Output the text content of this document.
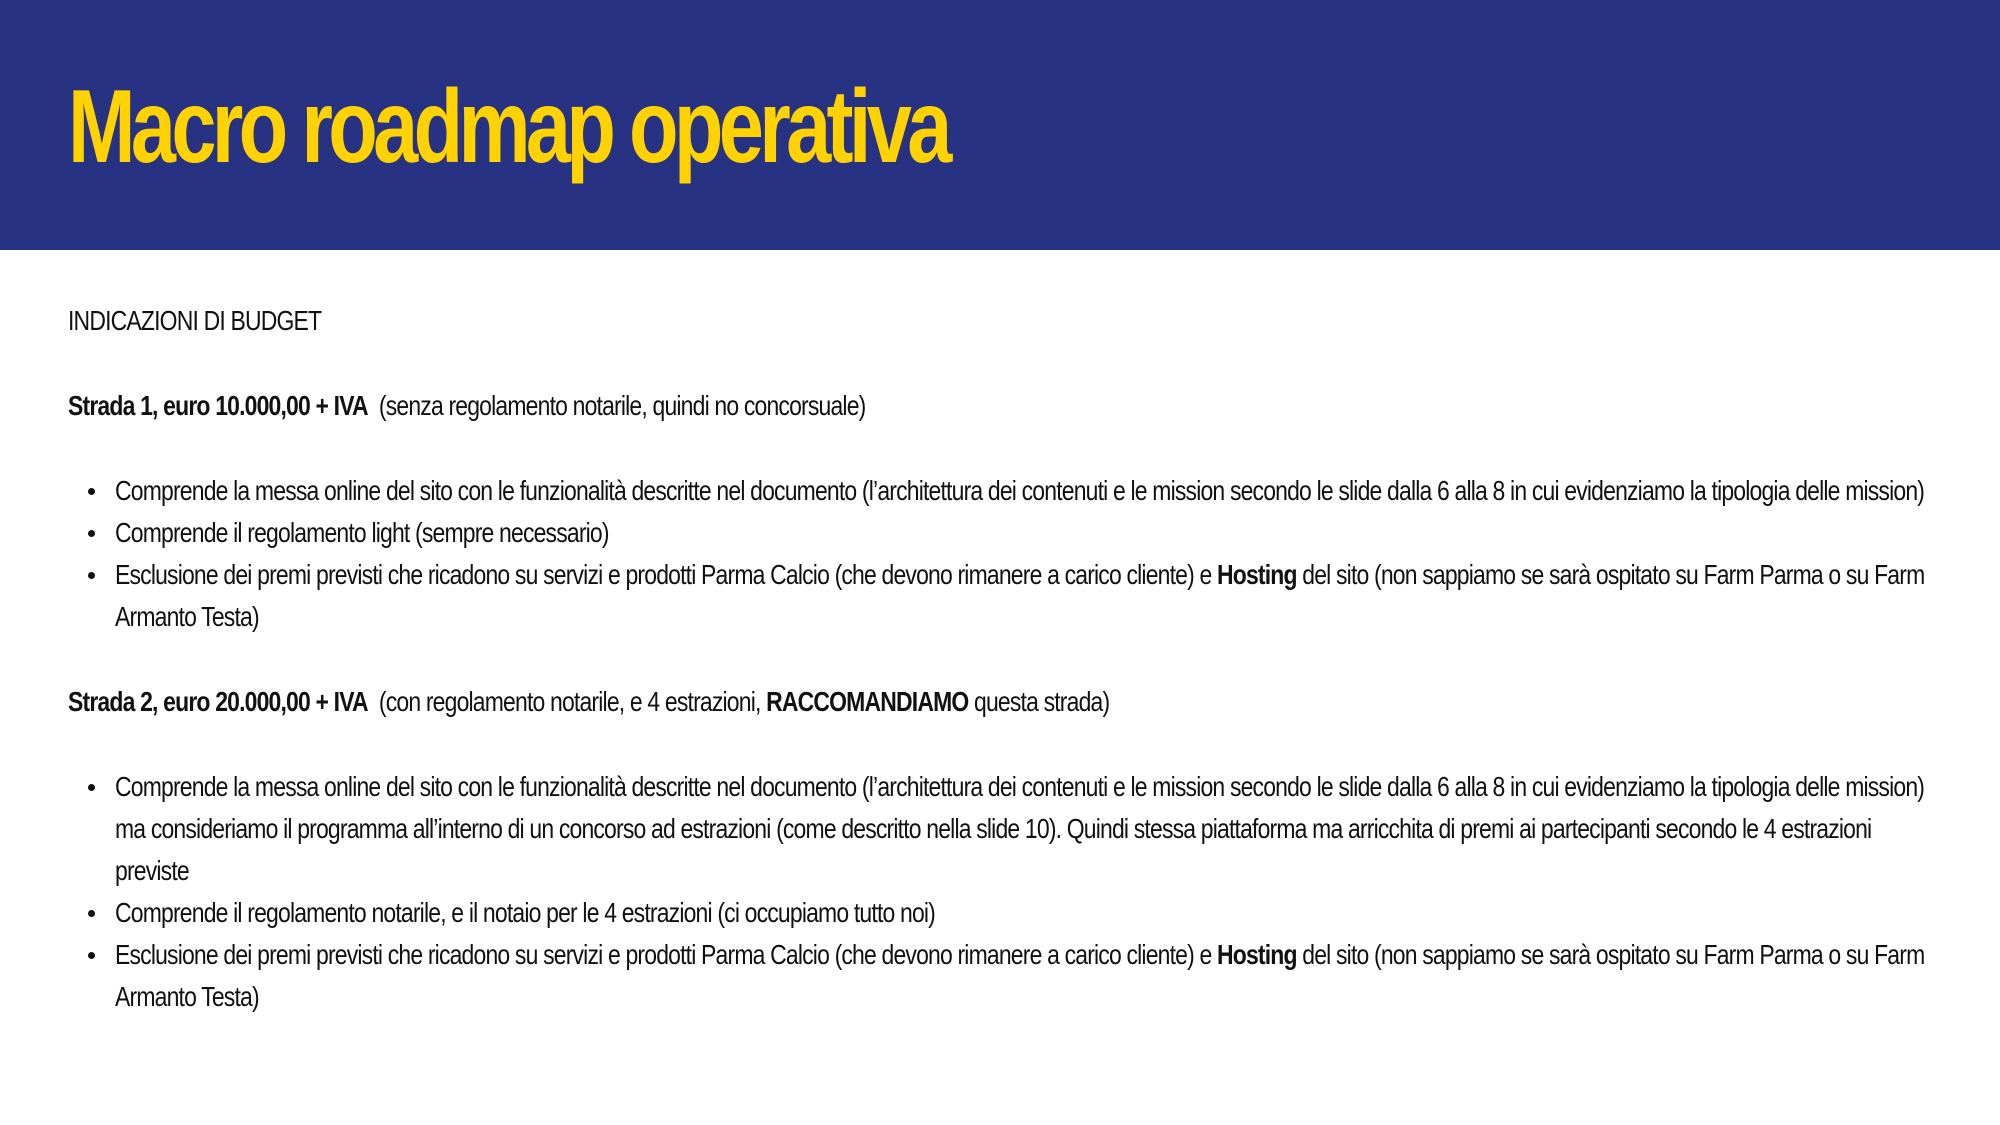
Macro roadmap operativa
INDICAZIONI DI BUDGET
Strada 1, euro 10.000,00 + IVA (senza regolamento notarile, quindi no concorsuale)
Comprende la messa online del sito con le funzionalità descritte nel documento (l’architettura dei contenuti e le mission secondo le slide dalla 6 alla 8 in cui evidenziamo la tipologia delle mission)
Comprende il regolamento light (sempre necessario)
Esclusione dei premi previsti che ricadono su servizi e prodotti Parma Calcio (che devono rimanere a carico cliente) e Hosting del sito (non sappiamo se sarà ospitato su Farm Parma o su Farm Armanto Testa)
Strada 2, euro 20.000,00 + IVA (con regolamento notarile, e 4 estrazioni, RACCOMANDIAMO questa strada)
Comprende la messa online del sito con le funzionalità descritte nel documento (l’architettura dei contenuti e le mission secondo le slide dalla 6 alla 8 in cui evidenziamo la tipologia delle mission) ma consideriamo il programma all’interno di un concorso ad estrazioni (come descritto nella slide 10). Quindi stessa piattaforma ma arricchita di premi ai partecipanti secondo le 4 estrazioni previste
Comprende il regolamento notarile, e il notaio per le 4 estrazioni (ci occupiamo tutto noi)
Esclusione dei premi previsti che ricadono su servizi e prodotti Parma Calcio (che devono rimanere a carico cliente) e Hosting del sito (non sappiamo se sarà ospitato su Farm Parma o su Farm Armanto Testa)
